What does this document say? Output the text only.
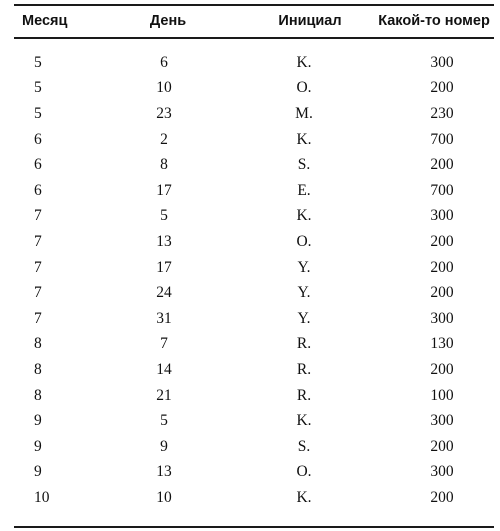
Месяц	День	Инициал	Какой-то номер

5	6	K.	300
5	10	O.	200
5	23	M.	230
6	2	K.	700
6	8	S.	200
6	17	E.	700
7	5	K.	300
7	13	O.	200
7	17	Y.	200
7	24	Y.	200
7	31	Y.	300
8	7	R.	130
8	14	R.	200
8	21	R.	100
9	5	K.	300
9	9	S.	200
9	13	O.	300
10	10	K.	200
